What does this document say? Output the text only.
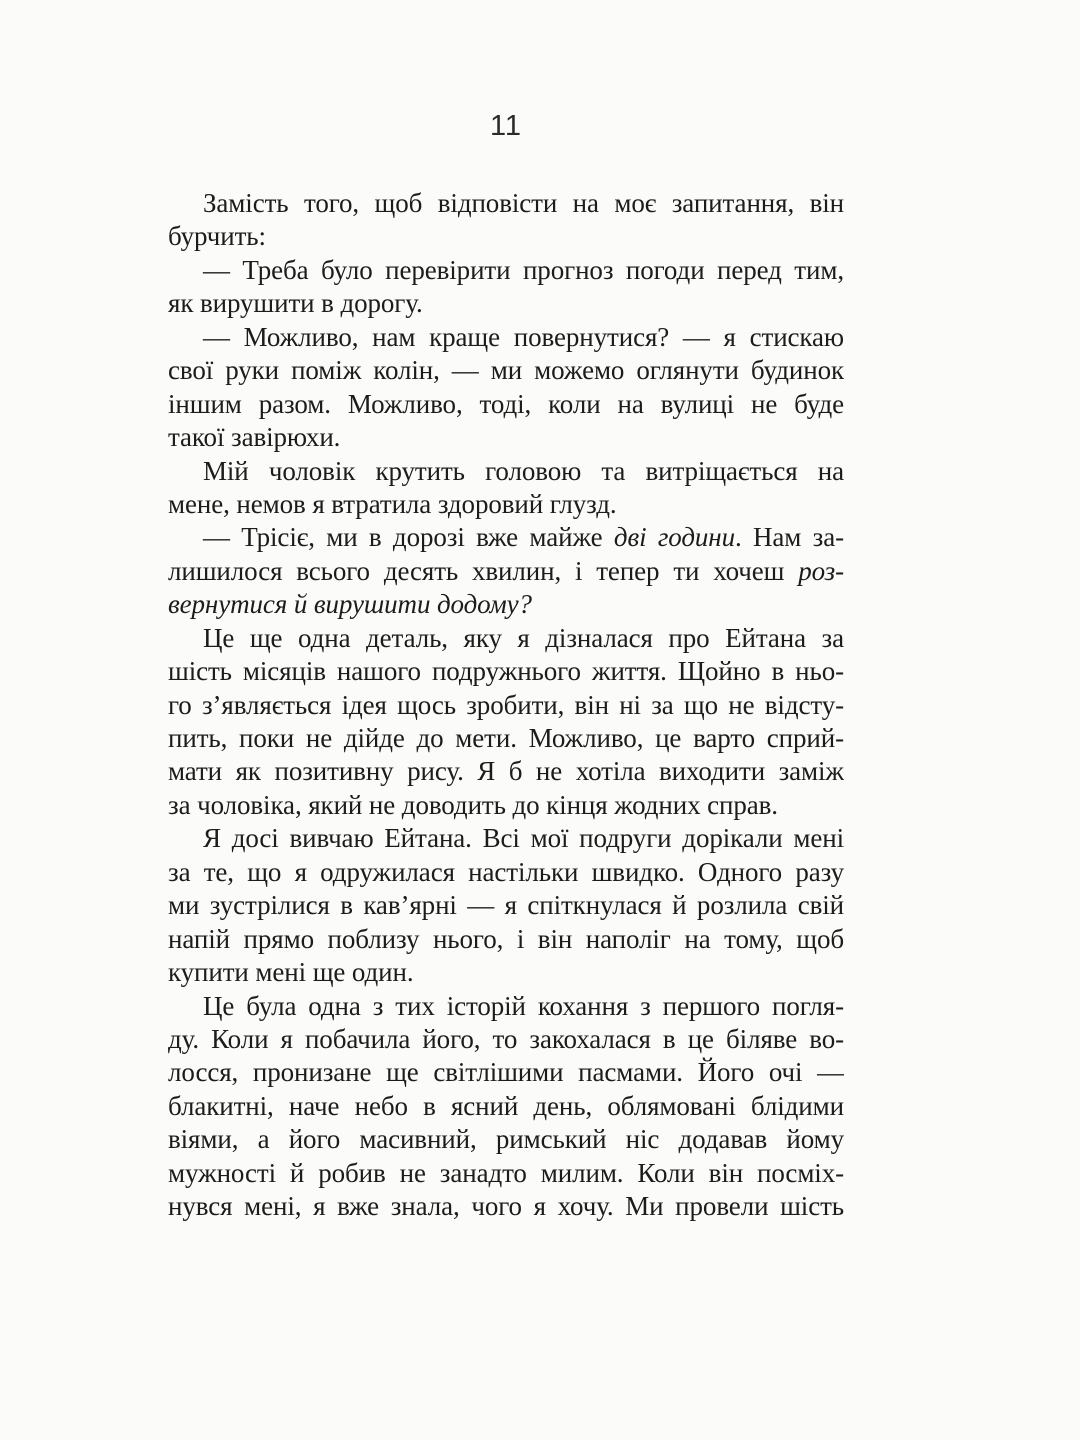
11
Замість того, щоб відповісти на моє запитання, він
бурчить:
— Треба було перевірити прогноз погоди перед тим,
як вирушити в дорогу.
— Можливо, нам краще повернутися? — я стискаю
свої руки поміж колін, — ми можемо оглянути будинок
іншим разом. Можливо, тоді, коли на вулиці не буде
такої завірюхи.
Мій чоловік крутить головою та витріщається на
мене, немов я втратила здоровий глузд.
— Трісіє, ми в дорозі вже майже дві години. Нам за-
лишилося всього десять хвилин, і тепер ти хочеш роз-
вернутися й вирушити додому?
Це ще одна деталь, яку я дізналася про Ейтана за
шість місяців нашого подружнього життя. Щойно в ньо-
го з’являється ідея щось зробити, він ні за що не відсту-
пить, поки не дійде до мети. Можливо, це варто сприй-
мати як позитивну рису. Я б не хотіла виходити заміж
за чоловіка, який не доводить до кінця жодних справ.
Я досі вивчаю Ейтана. Всі мої подруги дорікали мені
за те, що я одружилася настільки швидко. Одного разу
ми зустрілися в кав’ярні — я спіткнулася й розлила свій
напій прямо поблизу нього, і він наполіг на тому, щоб
купити мені ще один.
Це була одна з тих історій кохання з першого погля-
ду. Коли я побачила його, то закохалася в це біляве во-
лосся, пронизане ще світлішими пасмами. Його очі —
блакитні, наче небо в ясний день, облямовані блідими
віями, а його масивний, римський ніс додавав йому
мужності й робив не занадто милим. Коли він посміх-
нувся мені, я вже знала, чого я хочу. Ми провели шість
